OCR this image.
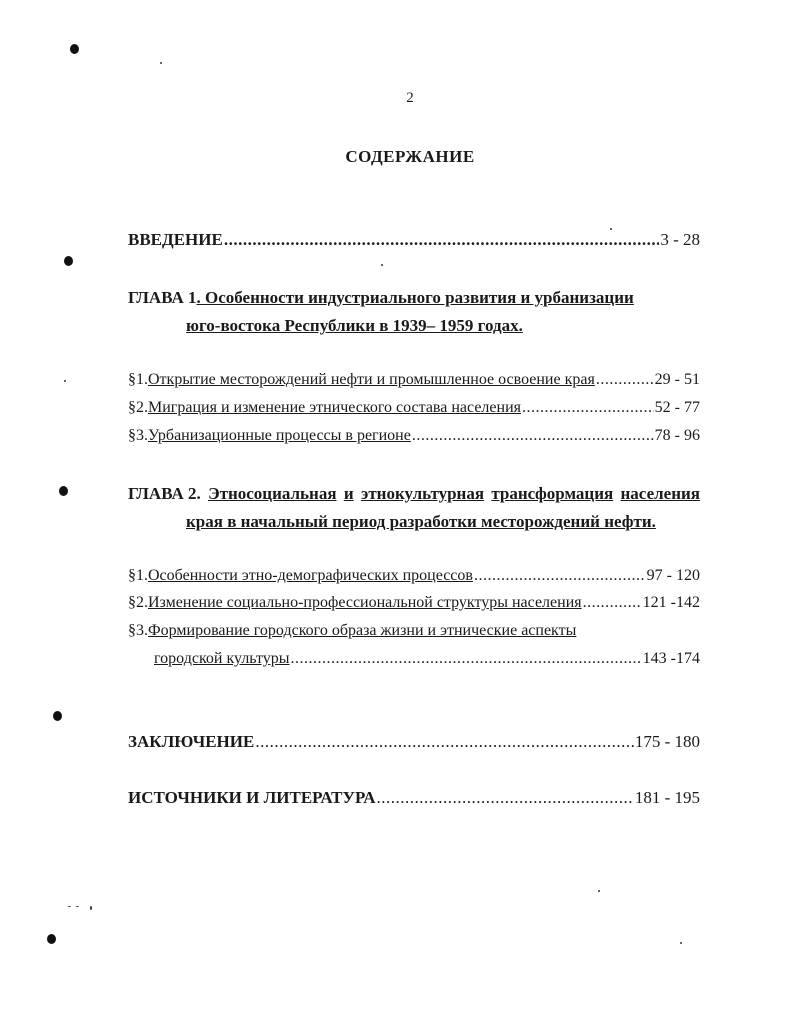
2
СОДЕРЖАНИЕ
ВВЕДЕНИЕ .....	3 - 28
ГЛАВА 1. Особенности индустриального развития и урбанизации
юго-востока Республики в 1939– 1959 годах.
§1.Открытие месторождений нефти и промышленное освоение края .....	29 - 51
§2.Миграция и изменение этнического состава населения .....	52 - 77
§3.Урбанизационные процессы в регионе .....	78 - 96
ГЛАВА 2. Этносоциальная и этнокультурная трансформация населения
края в начальный период разработки месторождений нефти.
§1.Особенности этно-демографических процессов .....	97 - 120
§2.Изменение социально-профессиональной структуры населения .....	121 -142
§3.Формирование городского образа жизни и этнические аспекты
городской культуры .....	143 -174
ЗАКЛЮЧЕНИЕ .....	175 - 180
ИСТОЧНИКИ И ЛИТЕРАТУРА .....	181 - 195
